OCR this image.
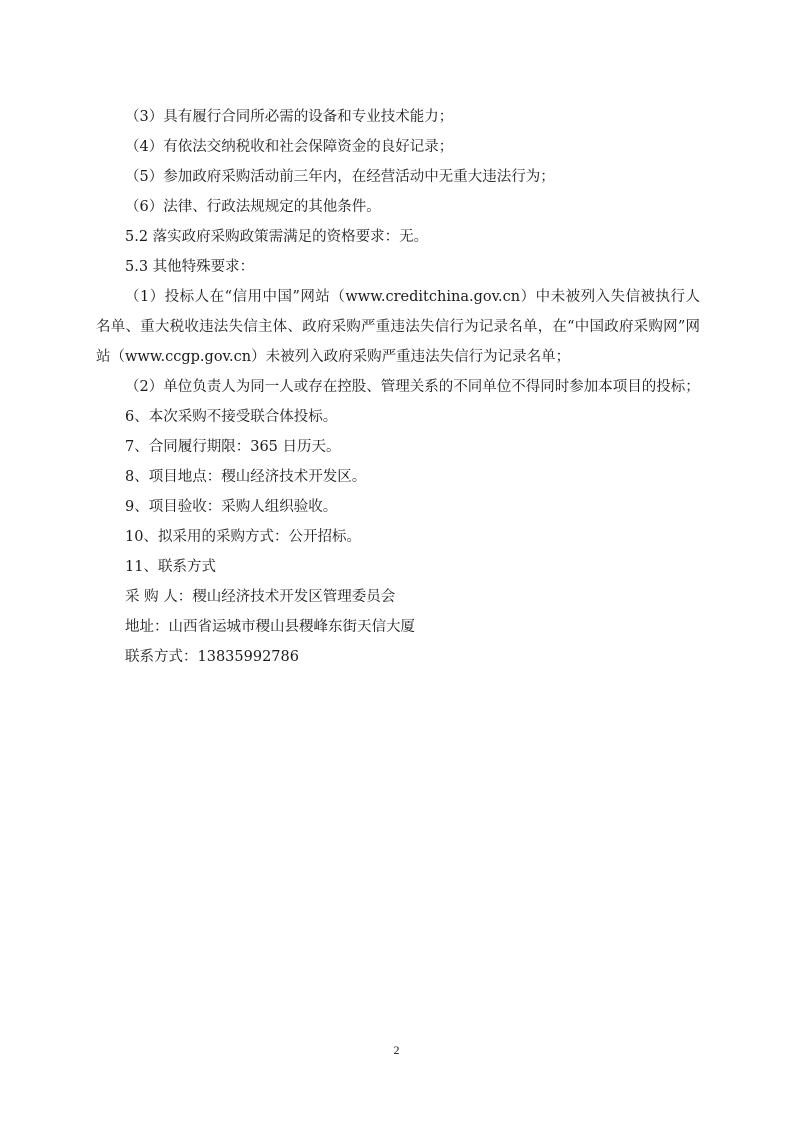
（3）具有履行合同所必需的设备和专业技术能力；

（4）有依法交纳税收和社会保障资金的良好记录；

（5）参加政府采购活动前三年内，在经营活动中无重大违法行为；

（6）法律、行政法规规定的其他条件。

5.2 落实政府采购政策需满足的资格要求：无。

5.3 其他特殊要求：

（1）投标人在“信用中国”网站（www.creditchina.gov.cn）中未被列入失信被执行人名单、重大税收违法失信主体、政府采购严重违法失信行为记录名单，在“中国政府采购网”网站（www.ccgp.gov.cn）未被列入政府采购严重违法失信行为记录名单；

（2）单位负责人为同一人或存在控股、管理关系的不同单位不得同时参加本项目的投标；

6、本次采购不接受联合体投标。

7、合同履行期限：365 日历天。

8、项目地点：稷山经济技术开发区。

9、项目验收：采购人组织验收。

10、拟采用的采购方式：公开招标。

11、联系方式

采 购 人：稷山经济技术开发区管理委员会

地址：山西省运城市稷山县稷峰东街天信大厦

联系方式：13835992786

2
